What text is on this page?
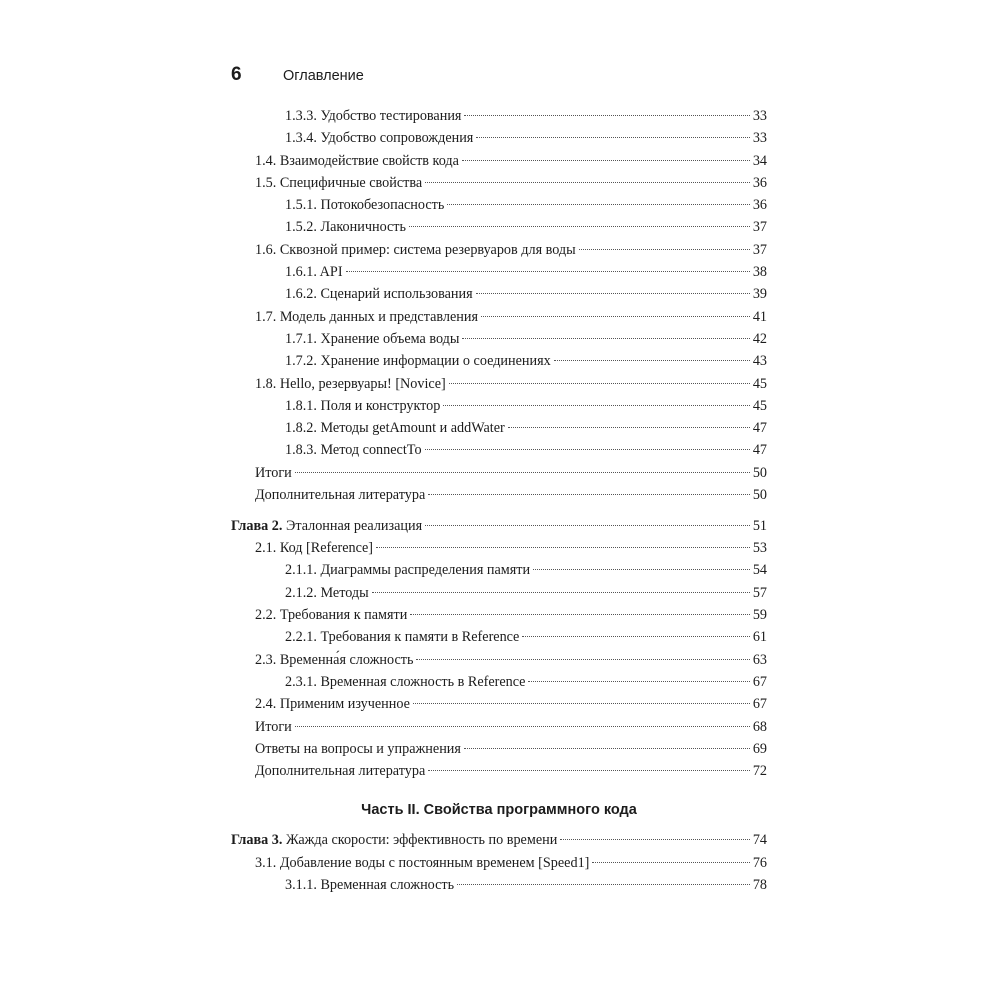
6	Оглавление
1.3.3. Удобство тестирования	33
1.3.4. Удобство сопровождения	33
1.4. Взаимодействие свойств кода	34
1.5. Специфичные свойства	36
1.5.1. Потокобезопасность	36
1.5.2. Лаконичность	37
1.6. Сквозной пример: система резервуаров для воды	37
1.6.1. API	38
1.6.2. Сценарий использования	39
1.7. Модель данных и представления	41
1.7.1. Хранение объема воды	42
1.7.2. Хранение информации о соединениях	43
1.8. Hello, резервуары! [Novice]	45
1.8.1. Поля и конструктор	45
1.8.2. Методы getAmount и addWater	47
1.8.3. Метод connectTo	47
Итоги	50
Дополнительная литература	50
Глава 2. Эталонная реализация	51
2.1. Код [Reference]	53
2.1.1. Диаграммы распределения памяти	54
2.1.2. Методы	57
2.2. Требования к памяти	59
2.2.1. Требования к памяти в Reference	61
2.3. Временна́я сложность	63
2.3.1. Временная сложность в Reference	67
2.4. Применим изученное	67
Итоги	68
Ответы на вопросы и упражнения	69
Дополнительная литература	72
Часть II. Свойства программного кода
Глава 3. Жажда скорости: эффективность по времени	74
3.1. Добавление воды с постоянным временем [Speed1]	76
3.1.1. Временная сложность	78
